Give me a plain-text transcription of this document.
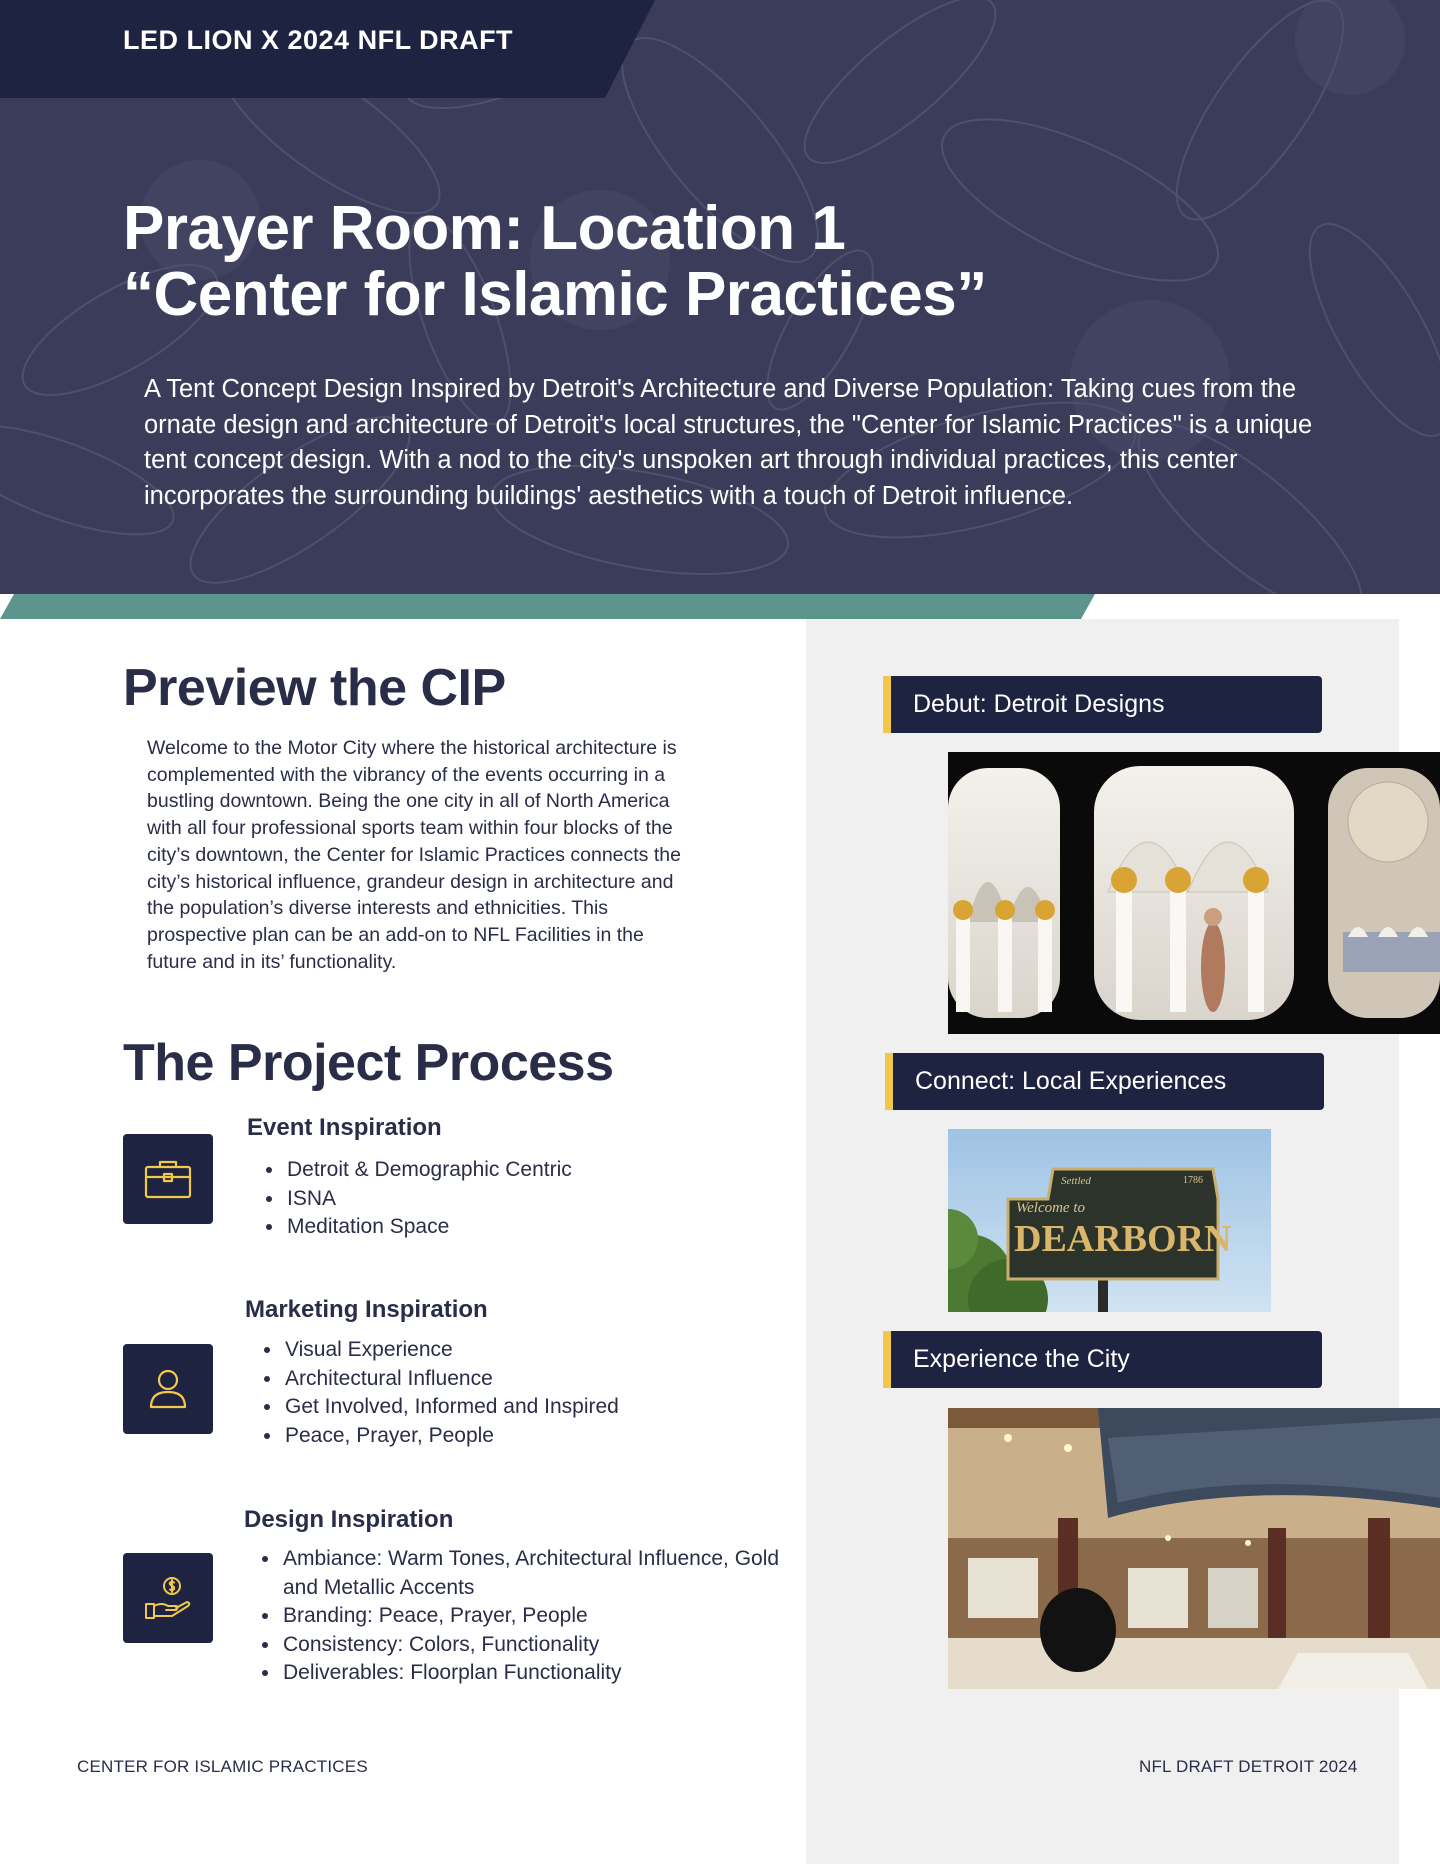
LED LION X 2024 NFL DRAFT
Prayer Room: Location 1
“Center for Islamic Practices”

A Tent Concept Design Inspired by Detroit's Architecture and Diverse Population: Taking cues from the ornate design and architecture of Detroit's local structures, the "Center for Islamic Practices" is a unique tent concept design. With a nod to the city's unspoken art through individual practices, this center incorporates the surrounding buildings' aesthetics with a touch of Detroit influence.

Debut: Detroit Designs
Connect: Local Experiences
Settled	1786
Welcome to
DEARBORN
Experience the City
Preview the CIP

Welcome to the Motor City where the historical architecture is complemented with the vibrancy of the events occurring in a bustling downtown. Being the one city in all of North America with all four professional sports team within four blocks of the city’s downtown, the Center for Islamic Practices connects the city’s historical influence, grandeur design in architecture and the population’s diverse interests and ethnicities. This prospective plan can be an add-on to NFL Facilities in the future and in its’ functionality.

The Project Process
Event Inspiration
• Detroit & Demographic Centric
• ISNA
• Meditation Space
Marketing Inspiration
• Visual Experience
• Architectural Influence
• Get Involved, Informed and Inspired
• Peace, Prayer, People
Design Inspiration
• Ambiance: Warm Tones, Architectural Influence, Gold and Metallic Accents
• Branding: Peace, Prayer, People
• Consistency: Colors, Functionality
• Deliverables: Floorplan Functionality
CENTER FOR ISLAMIC PRACTICES	NFL DRAFT DETROIT 2024
